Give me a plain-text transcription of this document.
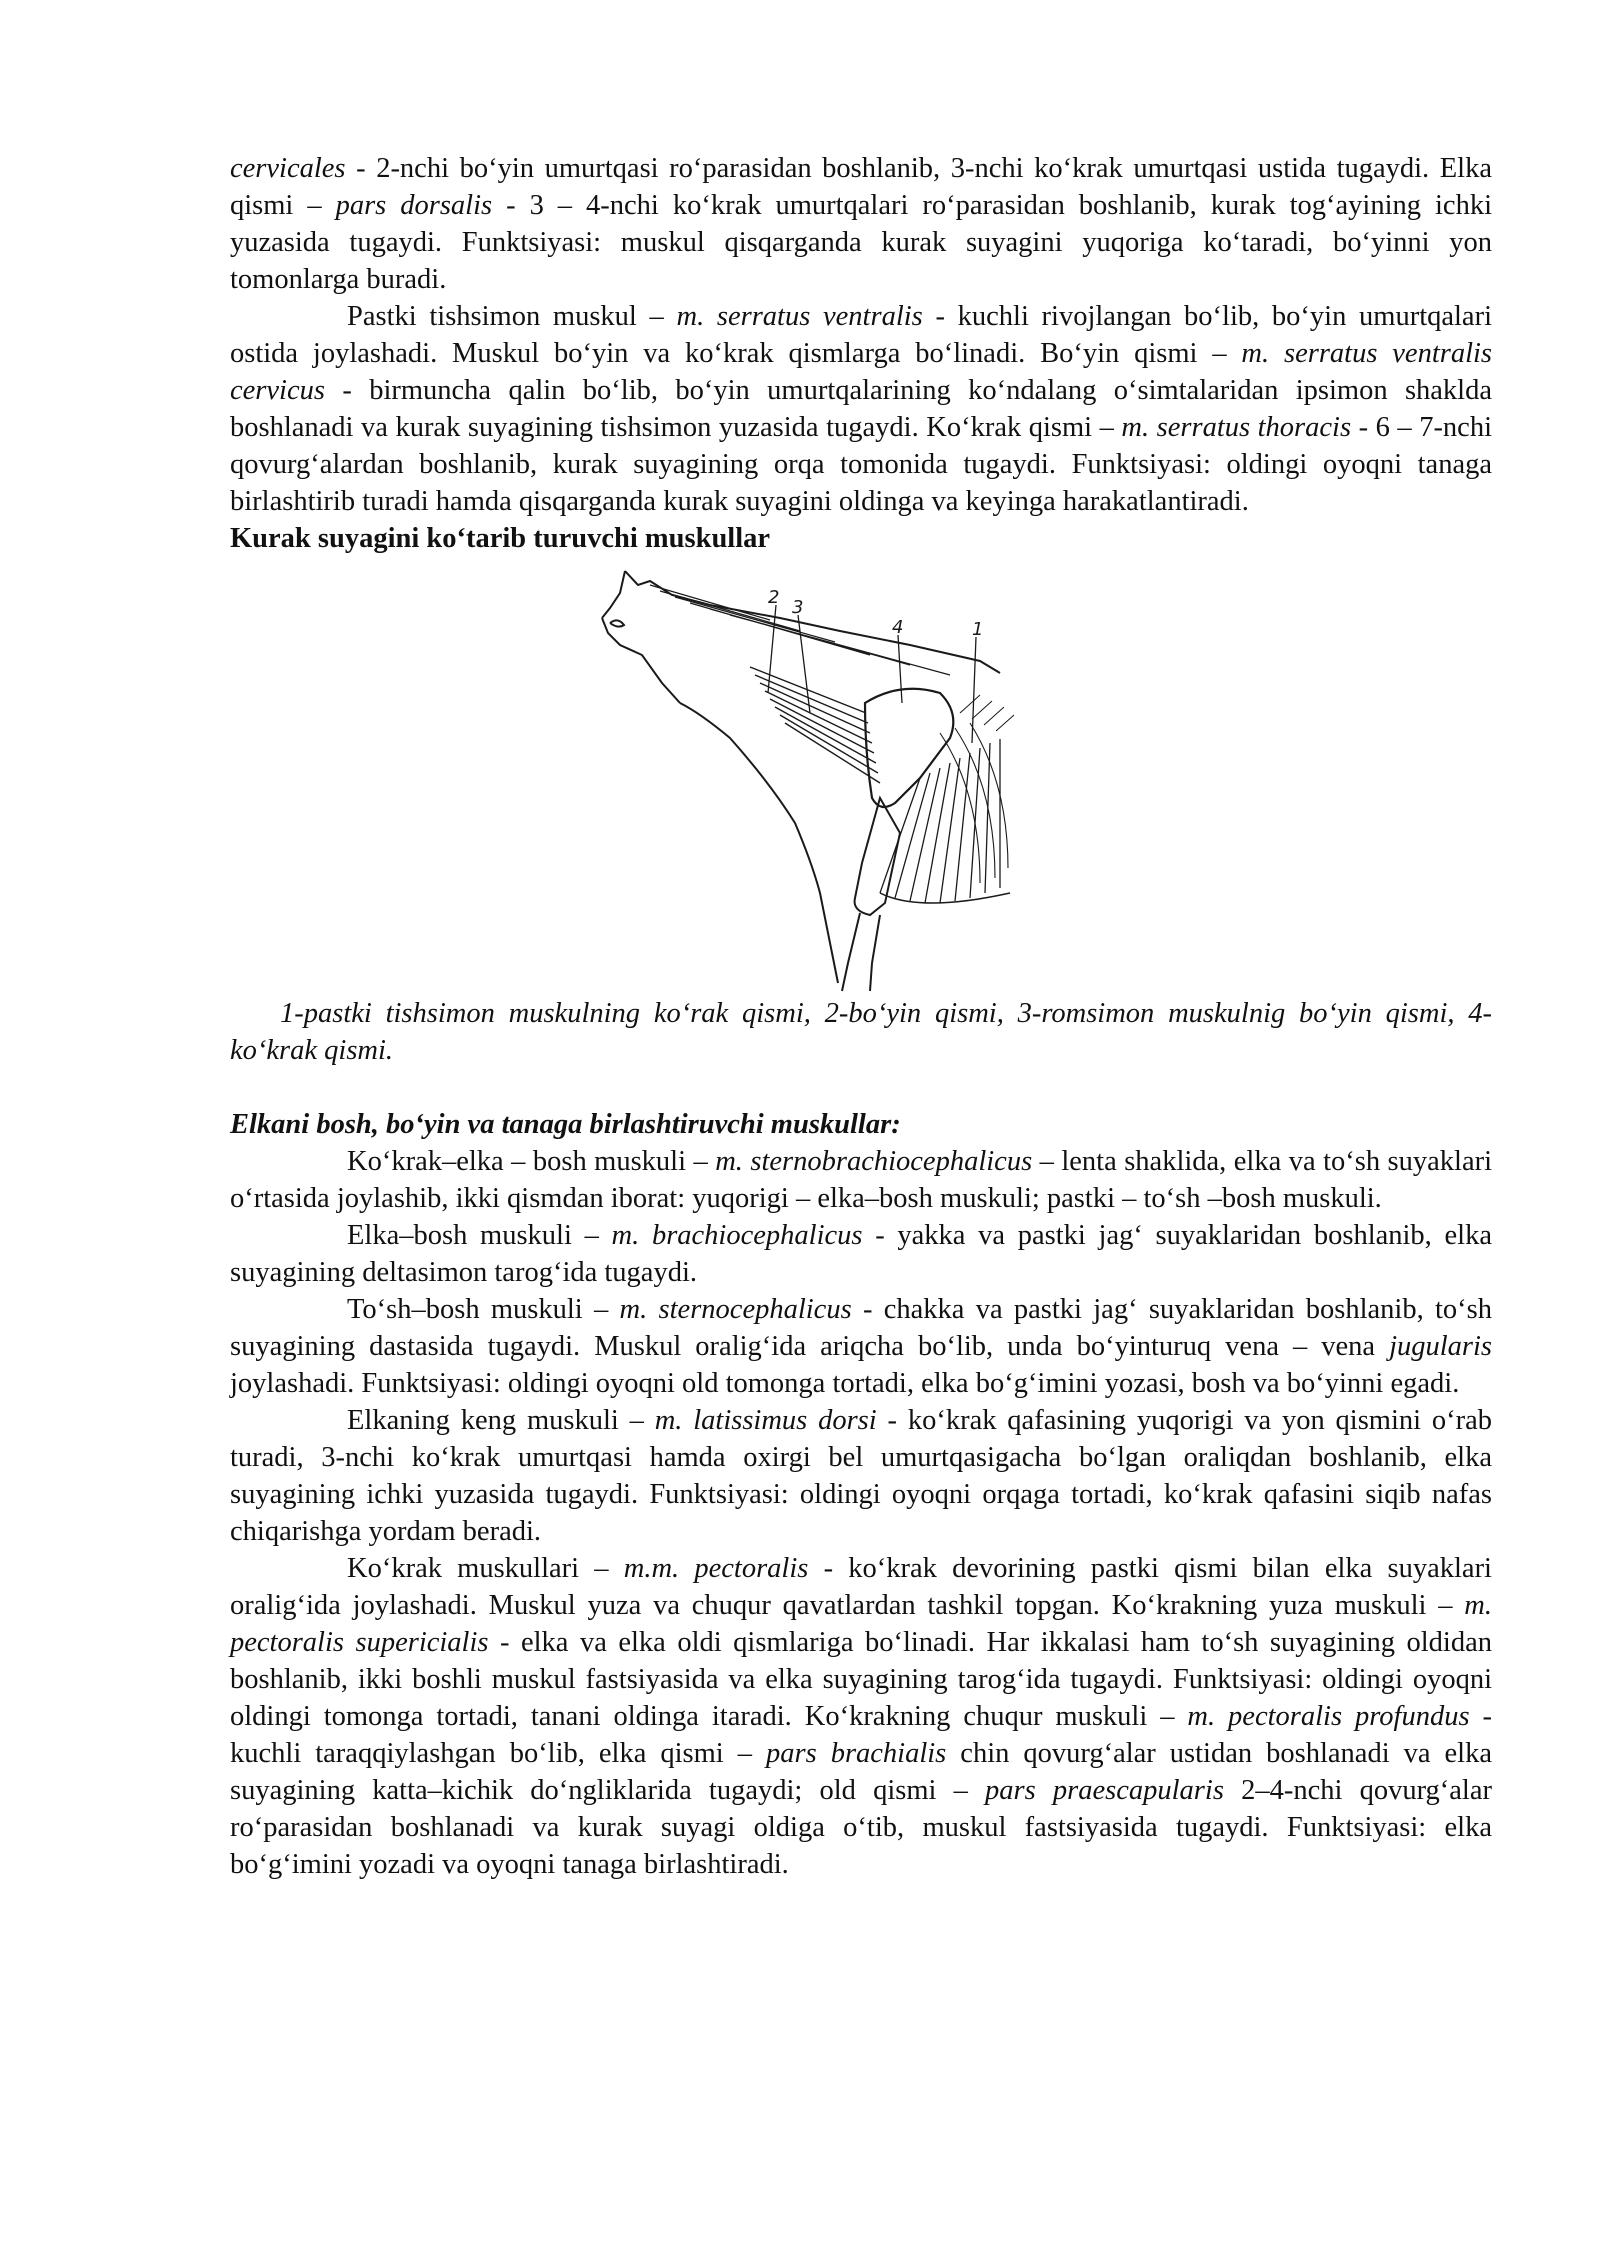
cervicales - 2-nchi bo‘yin umurtqasi ro‘parasidan boshlanib, 3-nchi ko‘krak umurtqasi ustida tugaydi. Elka qismi – pars dorsalis - 3 – 4-nchi ko‘krak umurtqalari ro‘parasidan boshlanib, kurak tog‘ayining ichki yuzasida tugaydi. Funktsiyasi: muskul qisqarganda kurak suyagini yuqoriga ko‘taradi, bo‘yinni yon tomonlarga buradi.

Pastki tishsimon muskul – m. serratus ventralis - kuchli rivojlangan bo‘lib, bo‘yin umurtqalari ostida joylashadi. Muskul bo‘yin va ko‘krak qismlarga bo‘linadi. Bo‘yin qismi – m. serratus ventralis cervicus - birmuncha qalin bo‘lib, bo‘yin umurtqalarining ko‘ndalang o‘simtalaridan ipsimon shaklda boshlanadi va kurak suyagining tishsimon yuzasida tugaydi. Ko‘krak qismi – m. serratus thoracis - 6 – 7-nchi qovurg‘alardan boshlanib, kurak suyagining orqa tomonida tugaydi. Funktsiyasi: oldingi oyoqni tanaga birlashtirib turadi hamda qisqarganda kurak suyagini oldinga va keyinga harakatlantiradi.

Kurak suyagini ko‘tarib turuvchi muskullar

2 3
4	1

1-pastki tishsimon muskulning ko‘rak qismi, 2-bo‘yin qismi, 3-romsimon muskulnig bo‘yin qismi, 4-ko‘krak qismi.

Elkani bosh, bo‘yin va tanaga birlashtiruvchi muskullar:

Ko‘krak–elka – bosh muskuli – m. sternobrachiocephalicus – lenta shaklida, elka va to‘sh suyaklari o‘rtasida joylashib, ikki qismdan iborat: yuqorigi – elka–bosh muskuli; pastki – to‘sh –bosh muskuli.

Elka–bosh muskuli – m. brachiocephalicus - yakka va pastki jag‘ suyaklaridan boshlanib, elka suyagining deltasimon tarog‘ida tugaydi.

To‘sh–bosh muskuli – m. sternocephalicus - chakka va pastki jag‘ suyaklaridan boshlanib, to‘sh suyagining dastasida tugaydi. Muskul oralig‘ida ariqcha bo‘lib, unda bo‘yinturuq vena – vena jugularis joylashadi. Funktsiyasi: oldingi oyoqni old tomonga tortadi, elka bo‘g‘imini yozasi, bosh va bo‘yinni egadi.

Elkaning keng muskuli – m. latissimus dorsi - ko‘krak qafasining yuqorigi va yon qismini o‘rab turadi, 3-nchi ko‘krak umurtqasi hamda oxirgi bel umurtqasigacha bo‘lgan oraliqdan boshlanib, elka suyagining ichki yuzasida tugaydi. Funktsiyasi: oldingi oyoqni orqaga tortadi, ko‘krak qafasini siqib nafas chiqarishga yordam beradi.

Ko‘krak muskullari – m.m. pectoralis - ko‘krak devorining pastki qismi bilan elka suyaklari oralig‘ida joylashadi. Muskul yuza va chuqur qavatlardan tashkil topgan. Ko‘krakning yuza muskuli – m. pectoralis supericialis - elka va elka oldi qismlariga bo‘linadi. Har ikkalasi ham to‘sh suyagining oldidan boshlanib, ikki boshli muskul fastsiyasida va elka suyagining tarog‘ida tugaydi. Funktsiyasi: oldingi oyoqni oldingi tomonga tortadi, tanani oldinga itaradi. Ko‘krakning chuqur muskuli – m. pectoralis profundus - kuchli taraqqiylashgan bo‘lib, elka qismi – pars brachialis chin qovurg‘alar ustidan boshlanadi va elka suyagining katta–kichik do‘ngliklarida tugaydi; old qismi – pars praescapularis 2–4-nchi qovurg‘alar ro‘parasidan boshlanadi va kurak suyagi oldiga o‘tib, muskul fastsiyasida tugaydi. Funktsiyasi: elka bo‘g‘imini yozadi va oyoqni tanaga birlashtiradi.
